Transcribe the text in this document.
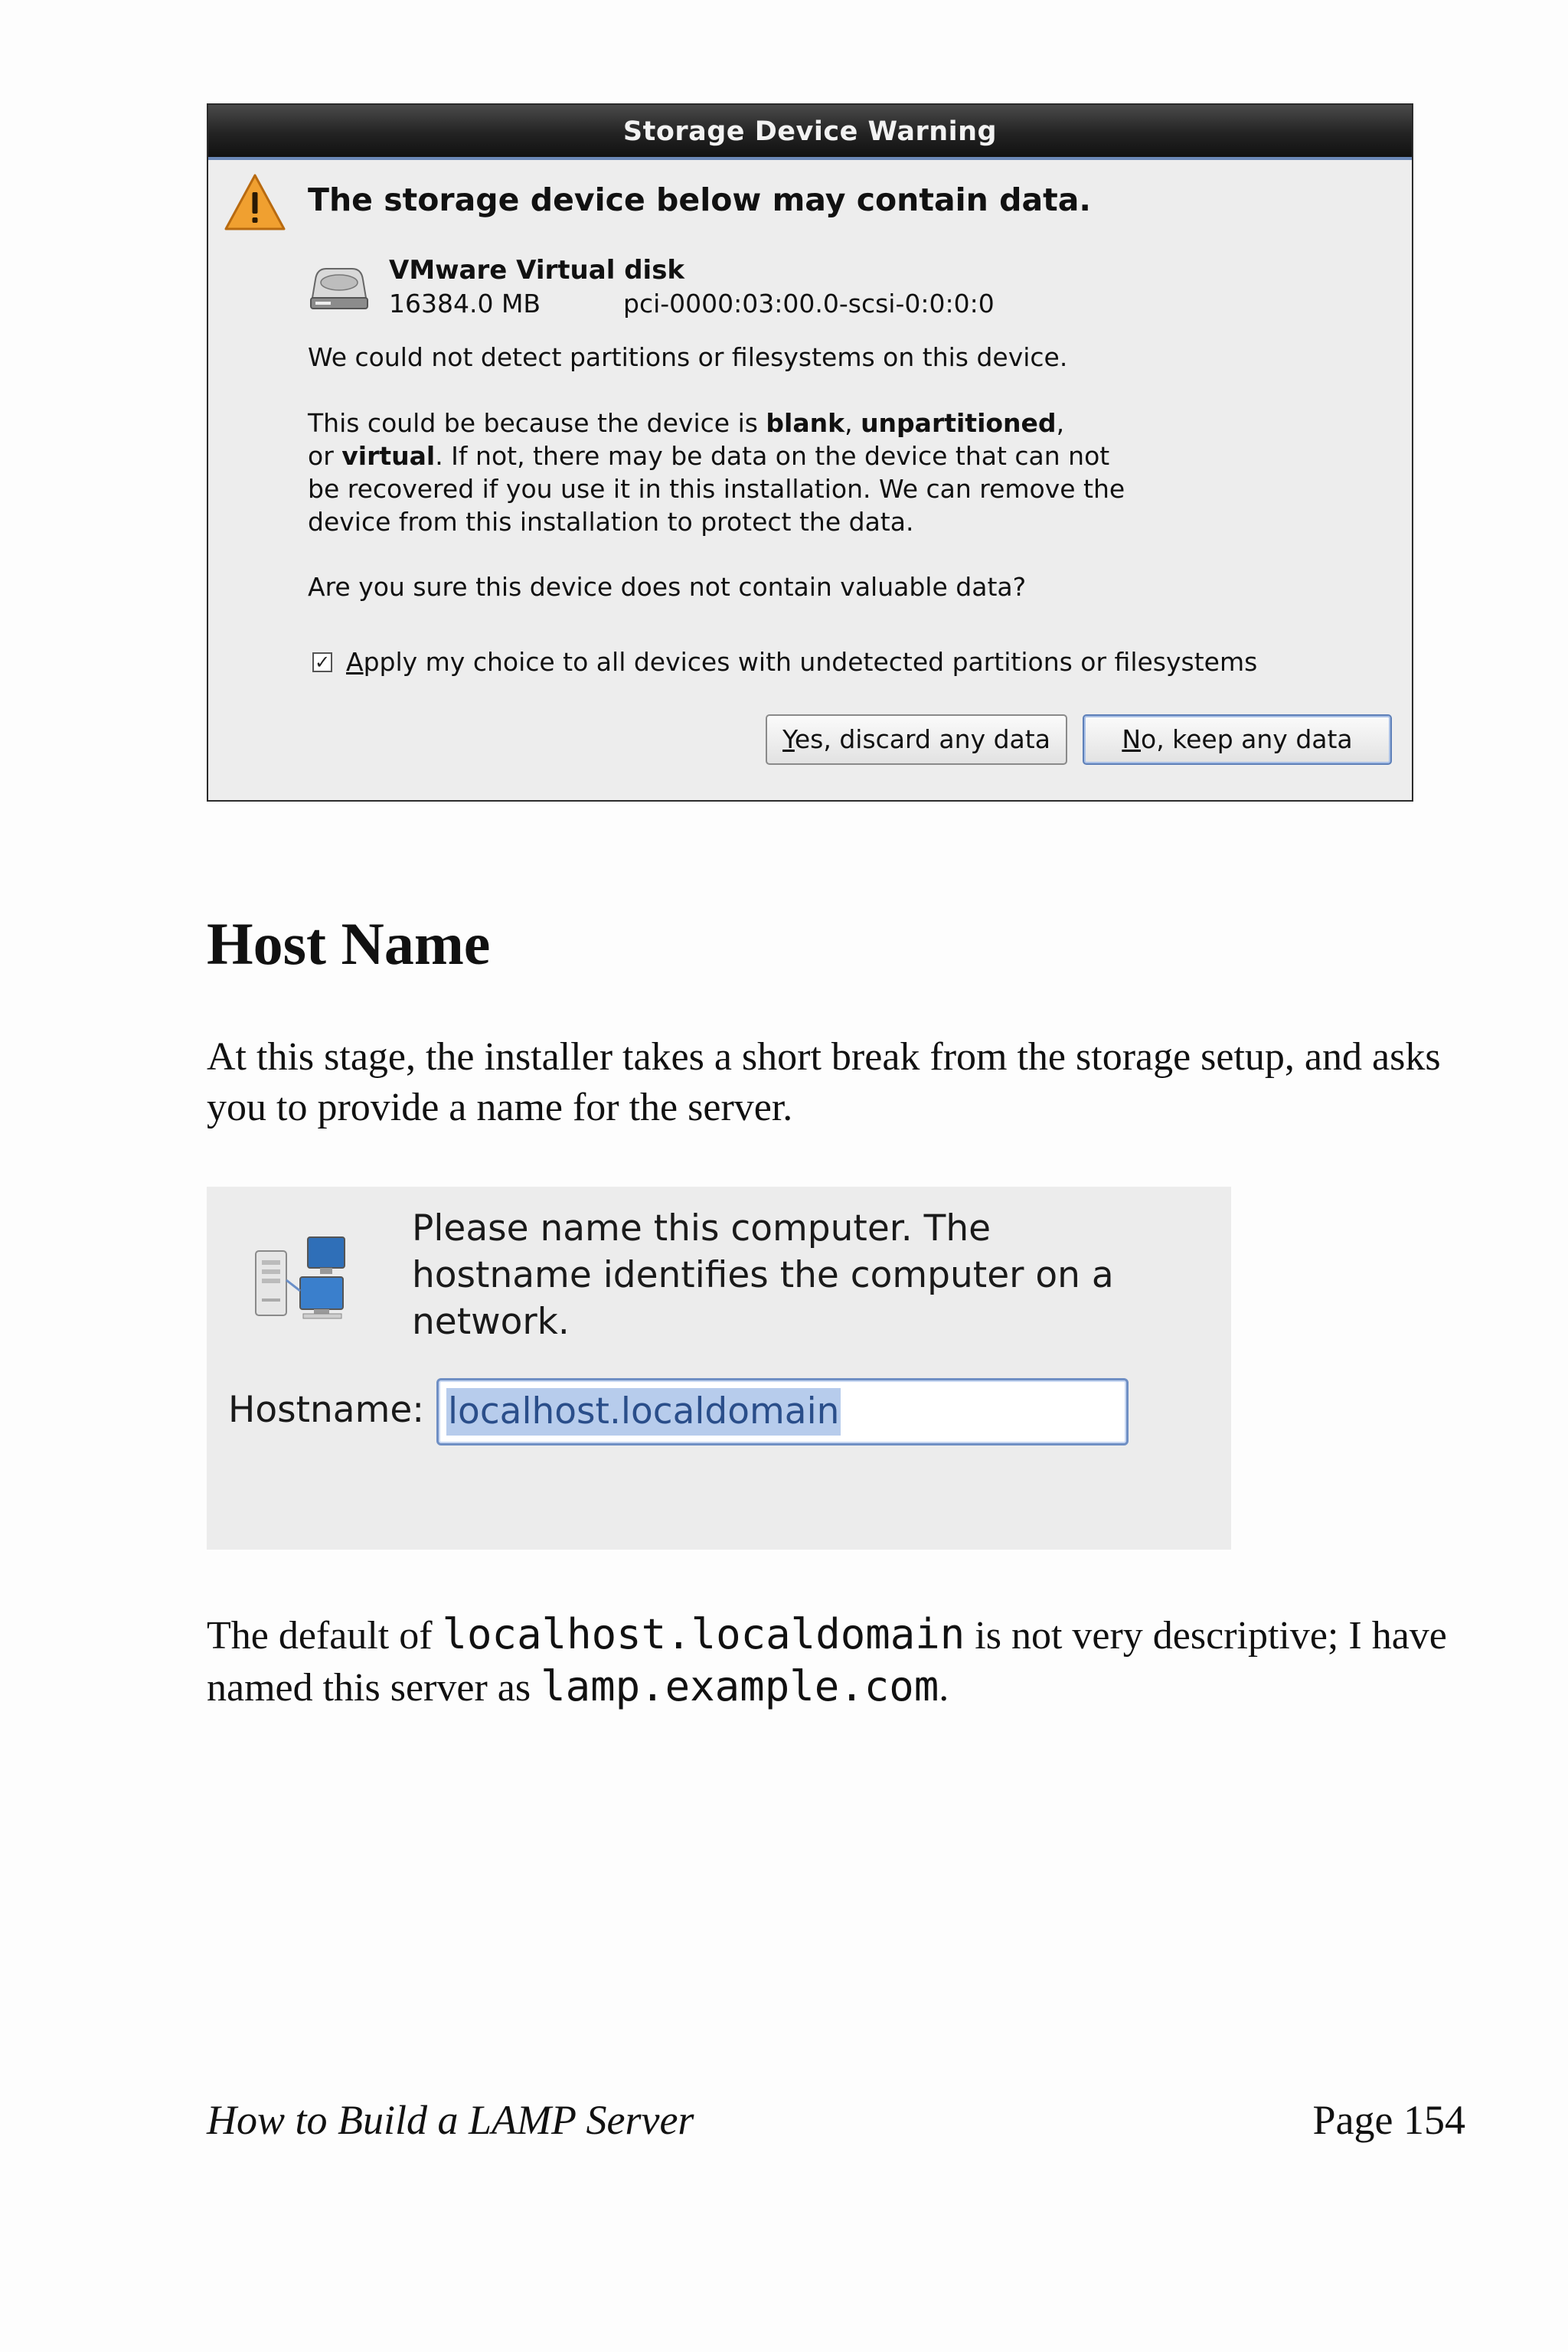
Storage Device Warning
The storage device below may contain data.
VMware Virtual disk
16384.0 MB	pci-0000:03:00.0-scsi-0:0:0:0
We could not detect partitions or filesystems on this device.
This could be because the device is blank, unpartitioned,
or virtual. If not, there may be data on the device that can not be recovered if you use it in this installation. We can remove the device from this installation to protect the data.
Are you sure this device does not contain valuable data?
✓ Apply my choice to all devices with undetected partitions or filesystems
Yes, discard any data	No, keep any data
Host Name
At this stage, the installer takes a short break from the storage setup, and asks you to provide a name for the server.
Please name this computer. The hostname identifies the computer on a network.
Hostname: localhost.localdomain
The default of localhost.localdomain is not very descriptive; I have named this server as lamp.example.com.
How to Build a LAMP Server	Page 154
